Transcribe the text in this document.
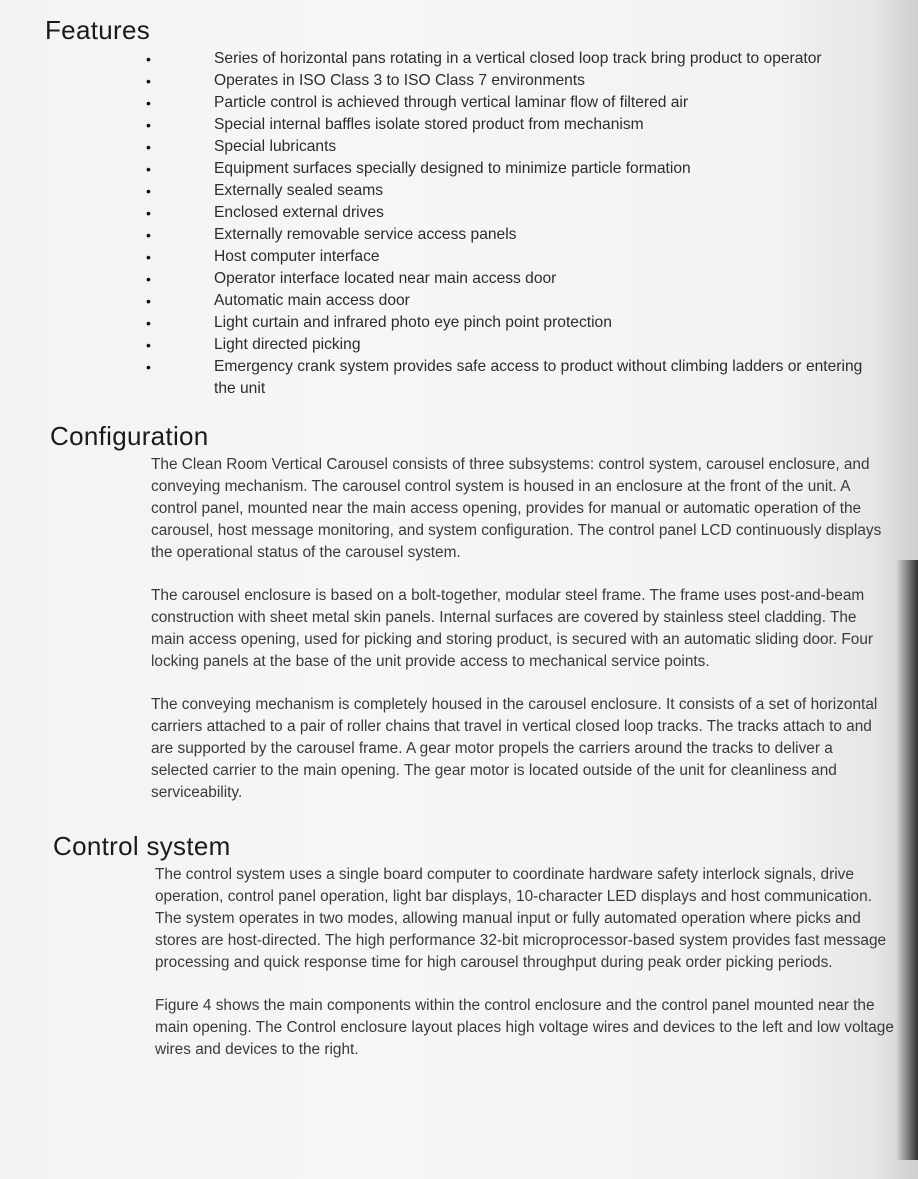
Features
•	Series of horizontal pans rotating in a vertical closed loop track bring product to operator
•	Operates in ISO Class 3 to ISO Class 7 environments
•	Particle control is achieved through vertical laminar flow of filtered air
•	Special internal baffles isolate stored product from mechanism
•	Special lubricants
•	Equipment surfaces specially designed to minimize particle formation
•	Externally sealed seams
•	Enclosed external drives
•	Externally removable service access panels
•	Host computer interface
•	Operator interface located near main access door
•	Automatic main access door
•	Light curtain and infrared photo eye pinch point protection
•	Light directed picking
•	Emergency crank system provides safe access to product without climbing ladders or entering the unit
Configuration

The Clean Room Vertical Carousel consists of three subsystems: control system, carousel enclosure, and conveying mechanism. The carousel control system is housed in an enclosure at the front of the unit. A control panel, mounted near the main access opening, provides for manual or automatic operation of the carousel, host message monitoring, and system configuration. The control panel LCD continuously displays the operational status of the carousel system.

The carousel enclosure is based on a bolt-together, modular steel frame. The frame uses post-and-beam construction with sheet metal skin panels. Internal surfaces are covered by stainless steel cladding. The main access opening, used for picking and storing product, is secured with an automatic sliding door. Four locking panels at the base of the unit provide access to mechanical service points.

The conveying mechanism is completely housed in the carousel enclosure. It consists of a set of horizontal carriers attached to a pair of roller chains that travel in vertical closed loop tracks. The tracks attach to and are supported by the carousel frame. A gear motor propels the carriers around the tracks to deliver a selected carrier to the main opening. The gear motor is located outside of the unit for cleanliness and serviceability.

Control system

The control system uses a single board computer to coordinate hardware safety interlock signals, drive operation, control panel operation, light bar displays, 10-character LED displays and host communication. The system operates in two modes, allowing manual input or fully automated operation where picks and stores are host-directed. The high performance 32-bit microprocessor-based system provides fast message processing and quick response time for high carousel throughput during peak order picking periods.

Figure 4 shows the main components within the control enclosure and the control panel mounted near the main opening. The Control enclosure layout places high voltage wires and devices to the left and low voltage wires and devices to the right.
